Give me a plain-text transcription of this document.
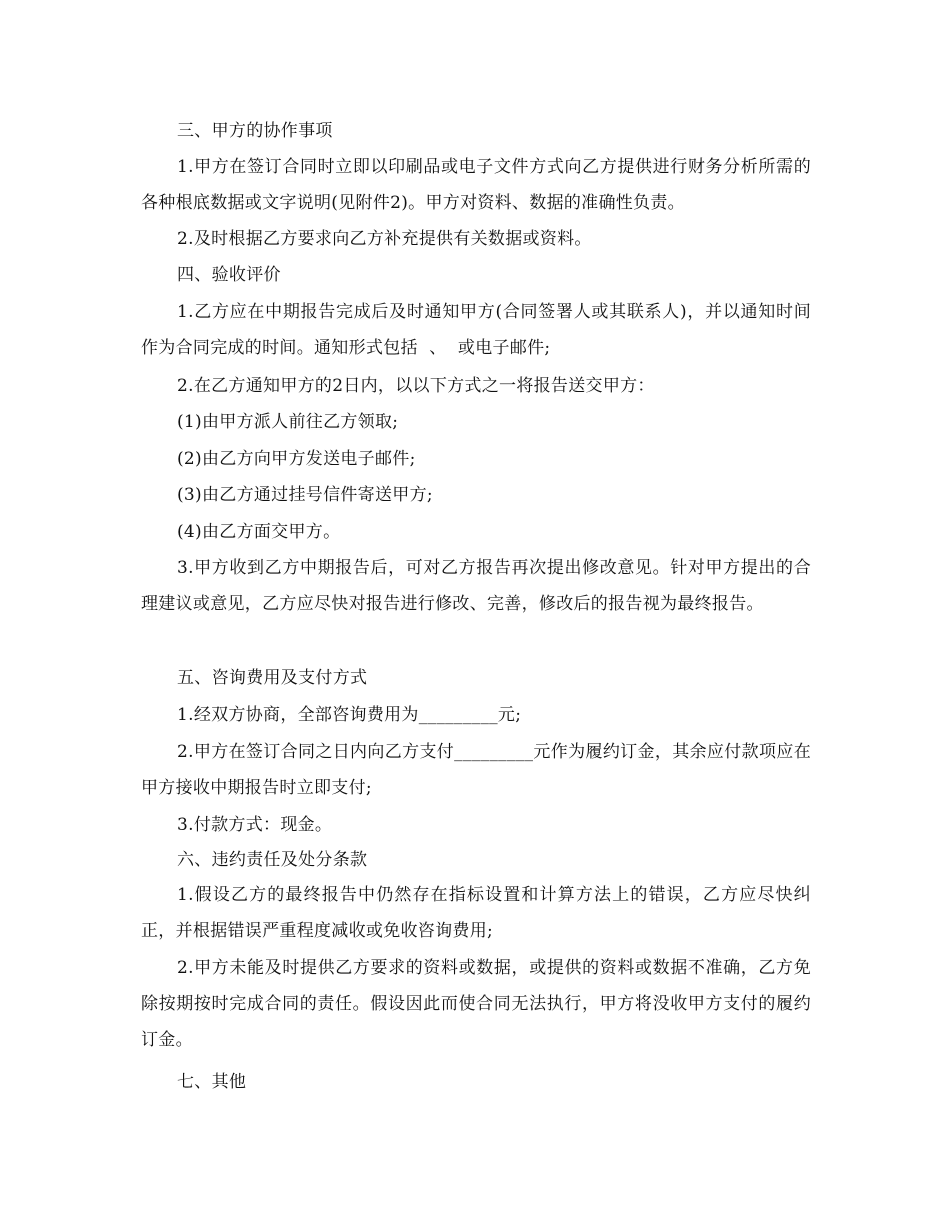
三、甲方的协作事项
1.甲方在签订合同时立即以印刷品或电子文件方式向乙方提供进行财务分析所需的各种根底数据或文字说明(见附件2)。甲方对资料、数据的准确性负责。
2.及时根据乙方要求向乙方补充提供有关数据或资料。
四、验收评价
1.乙方应在中期报告完成后及时通知甲方(合同签署人或其联系人)，并以通知时间作为合同完成的时间。通知形式包括  、  或电子邮件;
2.在乙方通知甲方的2日内，以以下方式之一将报告送交甲方：
(1)由甲方派人前往乙方领取;
(2)由乙方向甲方发送电子邮件;
(3)由乙方通过挂号信件寄送甲方;
(4)由乙方面交甲方。
3.甲方收到乙方中期报告后，可对乙方报告再次提出修改意见。针对甲方提出的合理建议或意见，乙方应尽快对报告进行修改、完善，修改后的报告视为最终报告。
五、咨询费用及支付方式
1.经双方协商，全部咨询费用为_________元;
2.甲方在签订合同之日内向乙方支付_________元作为履约订金，其余应付款项应在甲方接收中期报告时立即支付;
3.付款方式：现金。
六、违约责任及处分条款
1.假设乙方的最终报告中仍然存在指标设置和计算方法上的错误，乙方应尽快纠正，并根据错误严重程度减收或免收咨询费用;
2.甲方未能及时提供乙方要求的资料或数据，或提供的资料或数据不准确，乙方免除按期按时完成合同的责任。假设因此而使合同无法执行，甲方将没收甲方支付的履约订金。
七、其他
